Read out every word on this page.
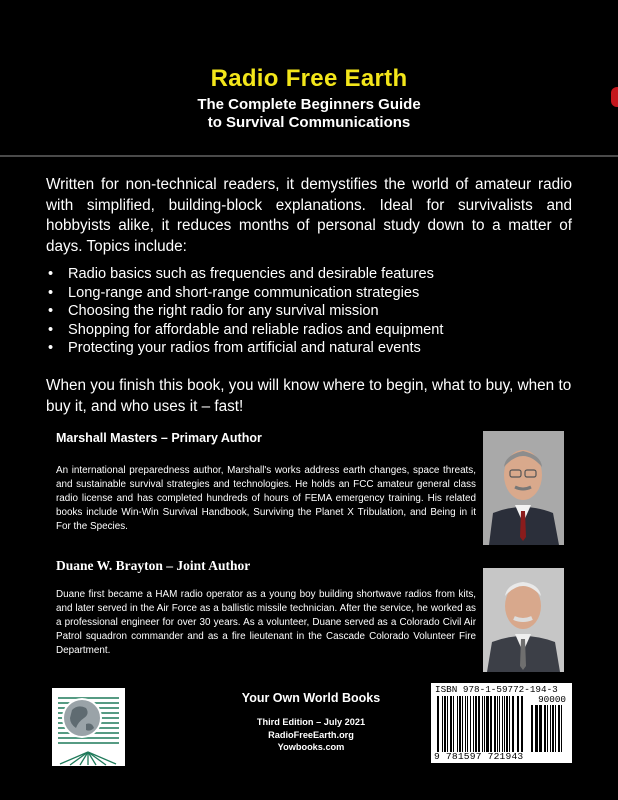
Radio Free Earth
The Complete Beginners Guide
to Survival Communications
Written for non-technical readers, it demystifies the world of amateur radio with simplified, building-block explanations. Ideal for survivalists and hobbyists alike, it reduces months of personal study down to a matter of days. Topics include:
• Radio basics such as frequencies and desirable features
• Long-range and short-range communication strategies
• Choosing the right radio for any survival mission
• Shopping for affordable and reliable radios and equipment
• Protecting your radios from artificial and natural events
When you finish this book, you will know where to begin, what to buy, when to buy it, and who uses it – fast!
Marshall Masters – Primary Author
An international preparedness author, Marshall's works address earth changes, space threats, and sustainable survival strategies and technologies. He holds an FCC amateur general class radio license and has completed hundreds of hours of FEMA emergency training. His related books include Win-Win Survival Handbook, Surviving the Planet X Tribulation, and Being in it For the Species.
Duane W. Brayton – Joint Author
Duane first became a HAM radio operator as a young boy building shortwave radios from kits, and later served in the Air Force as a ballistic missile technician. After the service, he worked as a professional engineer for over 30 years. As a volunteer, Duane served as a Colorado Civil Air Patrol squadron commander and as a fire lieutenant in the Cascade Colorado Volunteer Fire Department.
Your Own World Books
Third Edition – July 2021
RadioFreeEarth.org
Yowbooks.com
ISBN 978-1-59772-194-3
90000
9 781597 721943
